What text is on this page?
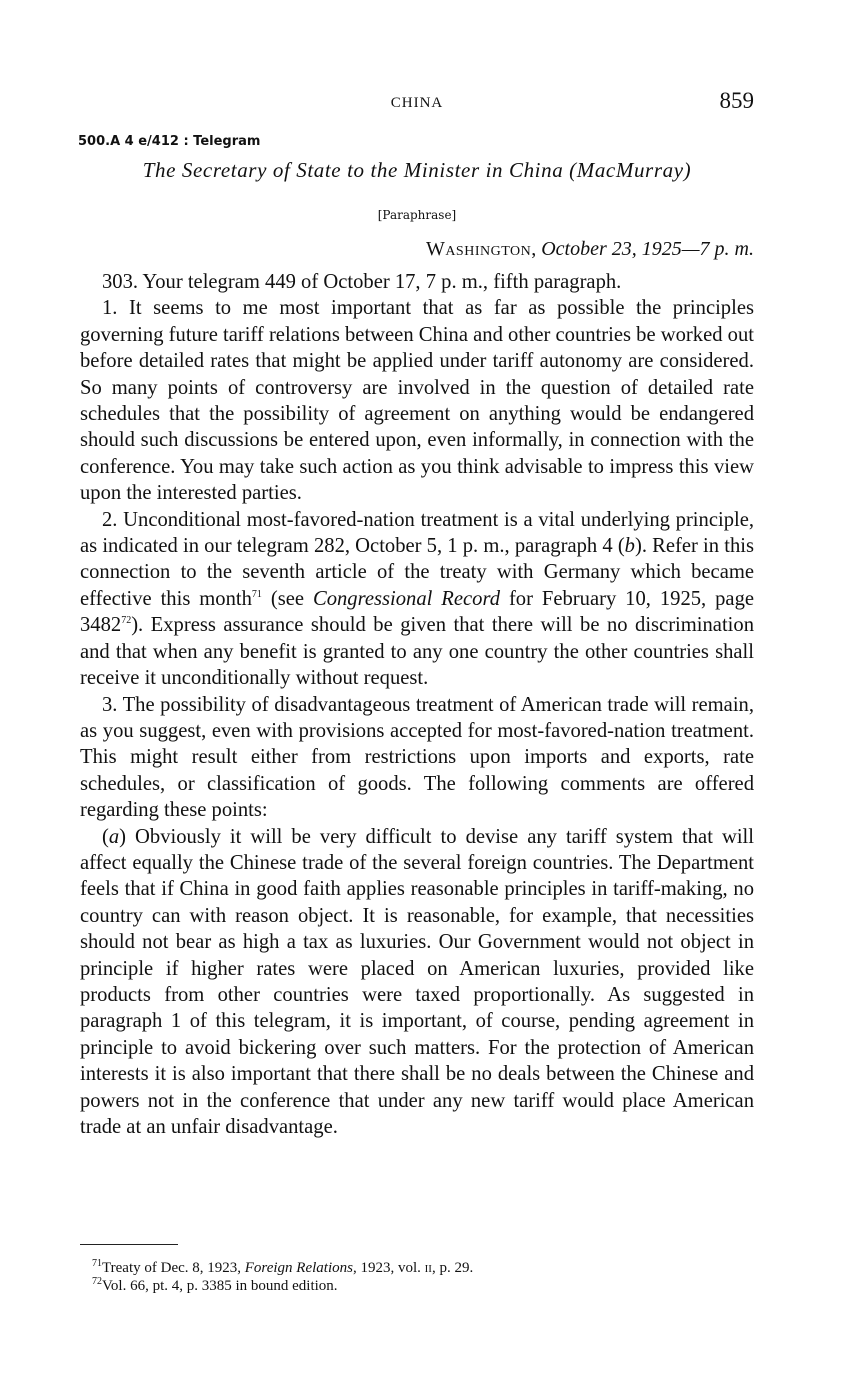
CHINA	859
500.A 4 e/412 : Telegram
The Secretary of State to the Minister in China (MacMurray)
[Paraphrase]
Washington, October 23, 1925—7 p. m.

303. Your telegram 449 of October 17, 7 p. m., fifth paragraph.

1. It seems to me most important that as far as possible the principles governing future tariff relations between China and other countries be worked out before detailed rates that might be applied under tariff autonomy are considered. So many points of controversy are involved in the question of detailed rate schedules that the possibility of agreement on anything would be endangered should such discussions be entered upon, even informally, in connection with the conference. You may take such action as you think advisable to impress this view upon the interested parties.

2. Unconditional most-favored-nation treatment is a vital underlying principle, as indicated in our telegram 282, October 5, 1 p. m., paragraph 4 (b). Refer in this connection to the seventh article of the treaty with Germany which became effective this month$^{71}$ (see Congressional Record for February 10, 1925, page 3482$^{72}$). Express assurance should be given that there will be no discrimination and that when any benefit is granted to any one country the other countries shall receive it unconditionally without request.

3. The possibility of disadvantageous treatment of American trade will remain, as you suggest, even with provisions accepted for most-favored-nation treatment. This might result either from restrictions upon imports and exports, rate schedules, or classification of goods. The following comments are offered regarding these points:

(a) Obviously it will be very difficult to devise any tariff system that will affect equally the Chinese trade of the several foreign countries. The Department feels that if China in good faith applies reasonable principles in tariff-making, no country can with reason object. It is reasonable, for example, that necessities should not bear as high a tax as luxuries. Our Government would not object in principle if higher rates were placed on American luxuries, provided like products from other countries were taxed proportionally. As suggested in paragraph 1 of this telegram, it is important, of course, pending agreement in principle to avoid bickering over such matters. For the protection of American interests it is also important that there shall be no deals between the Chinese and powers not in the conference that under any new tariff would place American trade at an unfair disadvantage.

$^{71}$Treaty of Dec. 8, 1923, Foreign Relations, 1923, vol. ii, p. 29.
$^{72}$Vol. 66, pt. 4, p. 3385 in bound edition.
